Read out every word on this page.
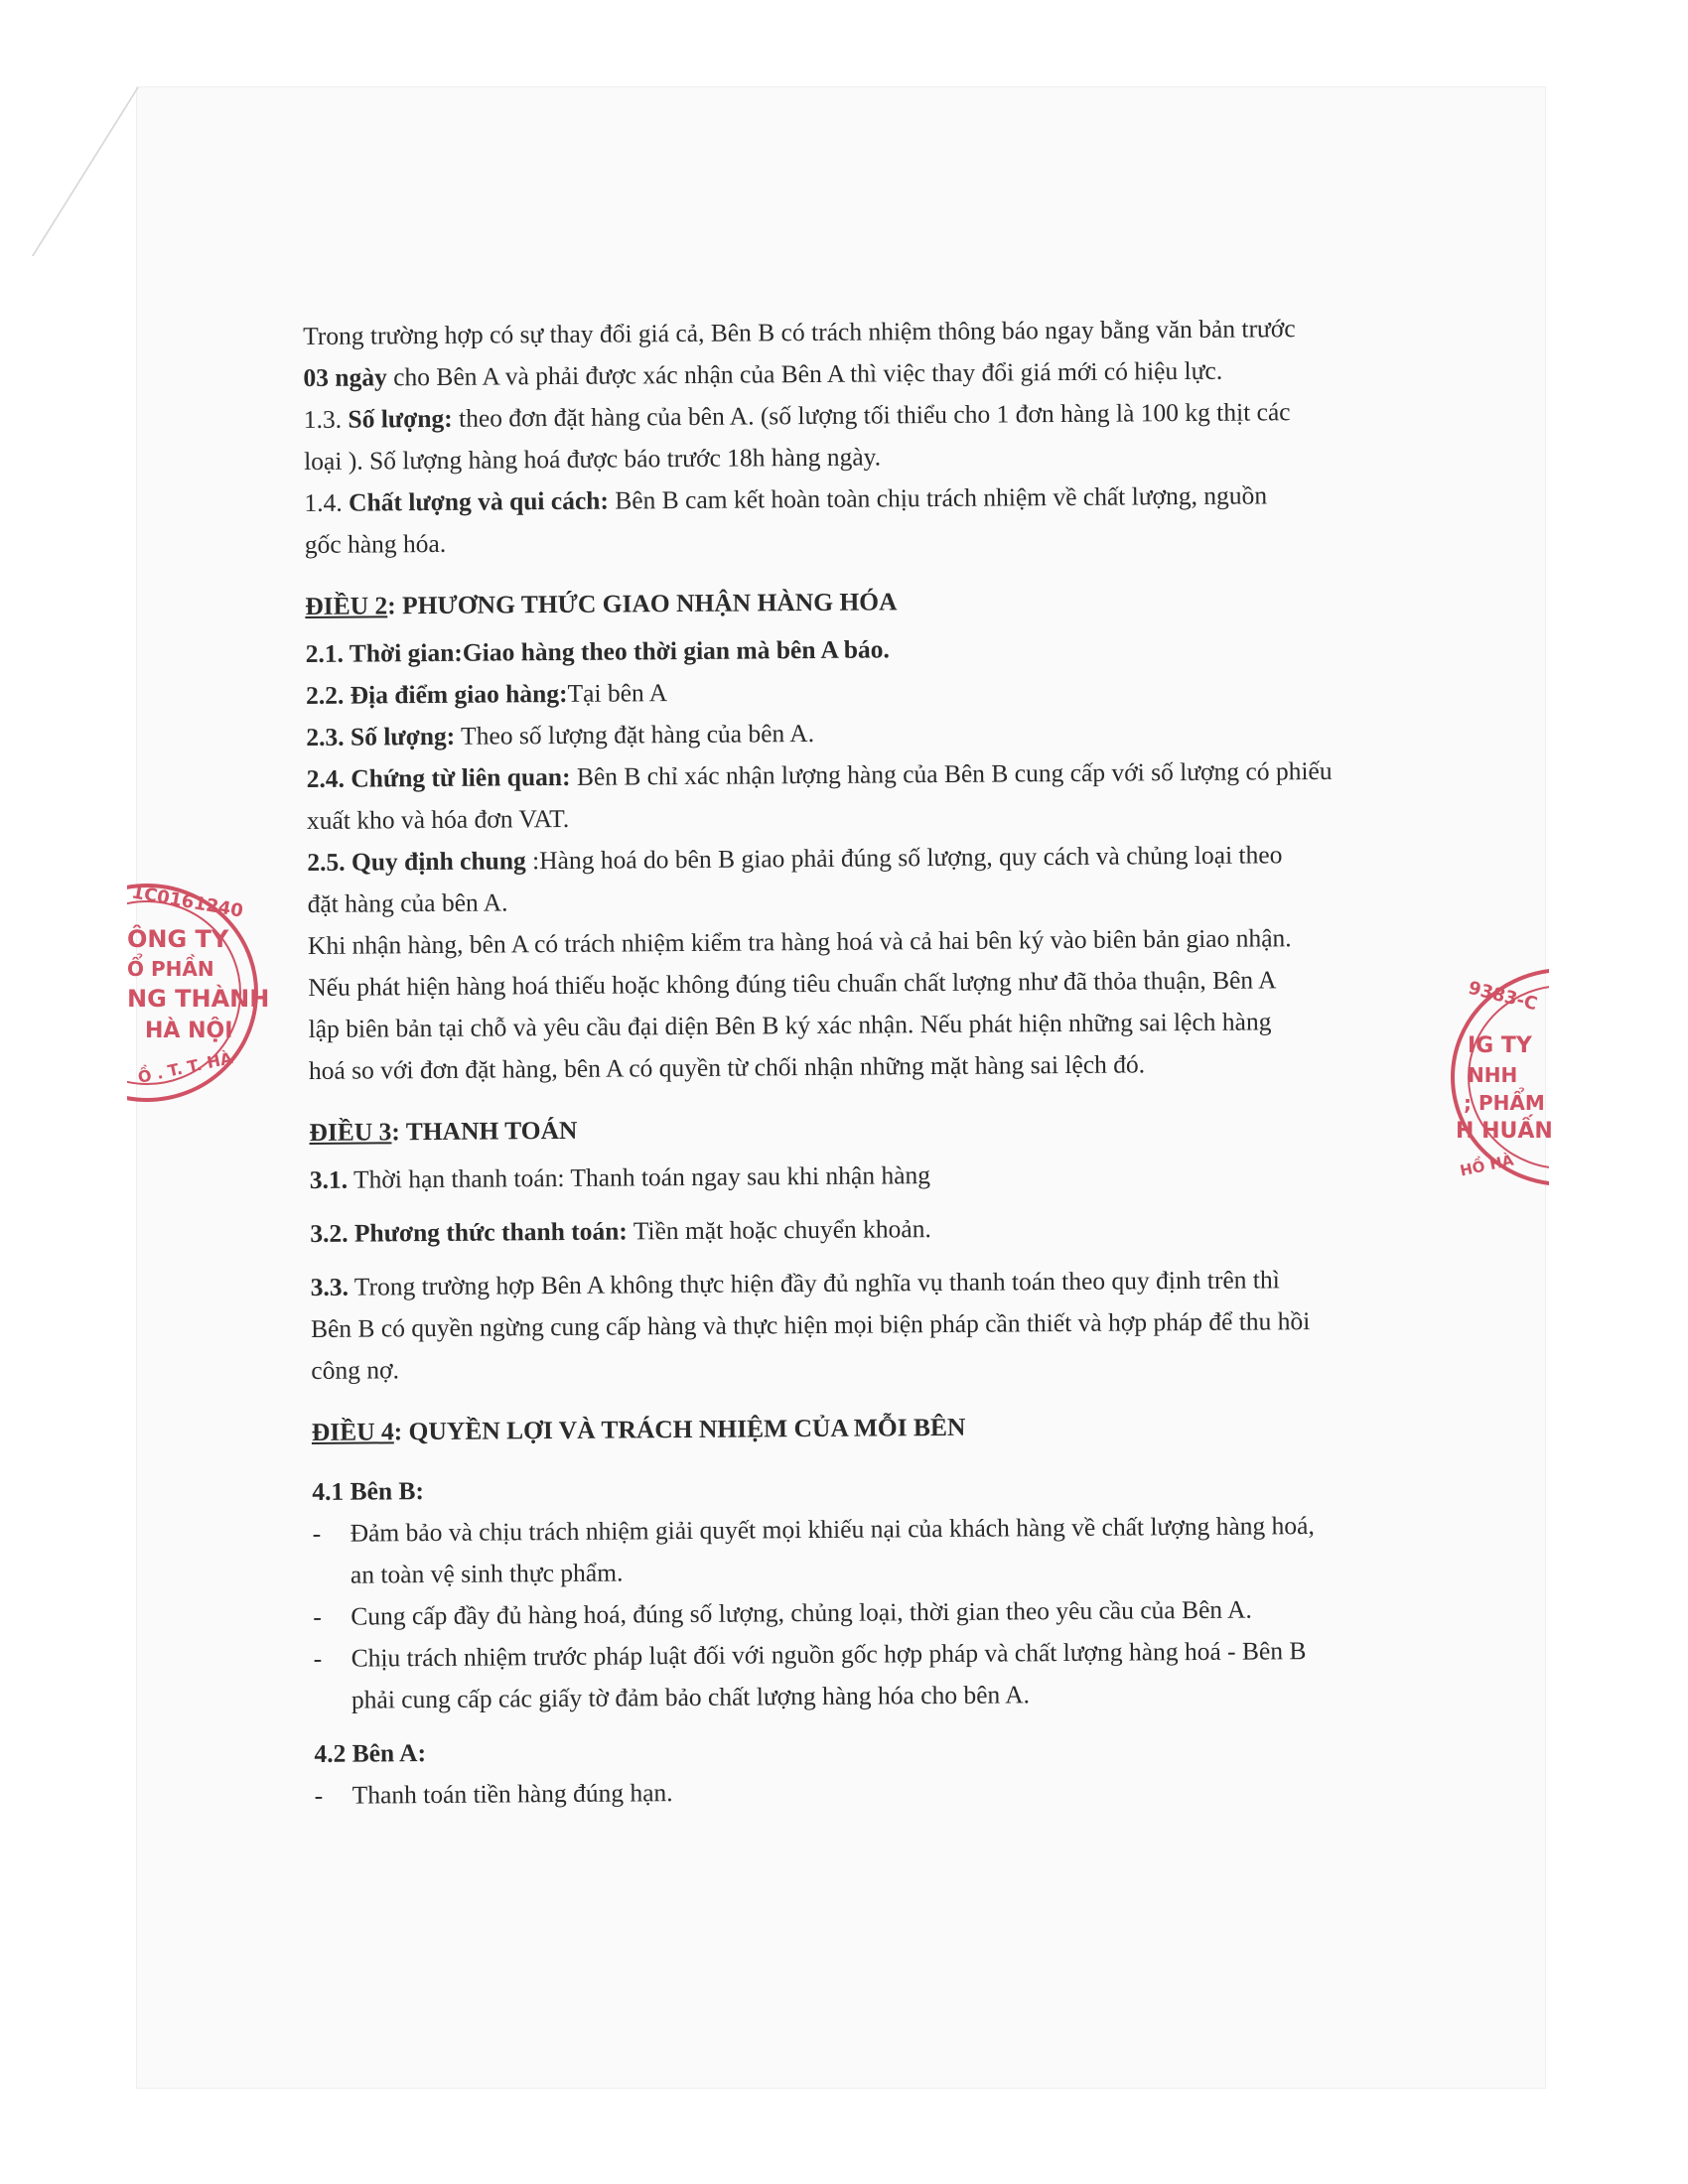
Trong trường hợp có sự thay đổi giá cả, Bên B có trách nhiệm thông báo ngay bằng văn bản trước
03 ngày cho Bên A và phải được xác nhận của Bên A thì việc thay đổi giá mới có hiệu lực.
1.3. Số lượng: theo đơn đặt hàng của bên A. (số lượng tối thiểu cho 1 đơn hàng là 100 kg thịt các
loại ). Số lượng hàng hoá được báo trước 18h hàng ngày.
1.4. Chất lượng và qui cách: Bên B cam kết hoàn toàn chịu trách nhiệm về chất lượng, nguồn
gốc hàng hóa.
ĐIỀU 2: PHƯƠNG THỨC GIAO NHẬN HÀNG HÓA
2.1. Thời gian:Giao hàng theo thời gian mà bên A báo.
2.2. Địa điểm giao hàng:Tại bên A
2.3. Số lượng: Theo số lượng đặt hàng của bên A.
2.4. Chứng từ liên quan: Bên B chỉ xác nhận lượng hàng của Bên B cung cấp với số lượng có phiếu
xuất kho và hóa đơn VAT.
2.5. Quy định chung :Hàng hoá do bên B giao phải đúng số lượng, quy cách và chủng loại theo
đặt hàng của bên A.
Khi nhận hàng, bên A có trách nhiệm kiểm tra hàng hoá và cả hai bên ký vào biên bản giao nhận.
Nếu phát hiện hàng hoá thiếu hoặc không đúng tiêu chuẩn chất lượng như đã thỏa thuận, Bên A
lập biên bản tại chỗ và yêu cầu đại diện Bên B ký xác nhận. Nếu phát hiện những sai lệch hàng
hoá so với đơn đặt hàng, bên A có quyền từ chối nhận những mặt hàng sai lệch đó.
ĐIỀU 3: THANH TOÁN
3.1. Thời hạn thanh toán: Thanh toán ngay sau khi nhận hàng
3.2. Phương thức thanh toán: Tiền mặt hoặc chuyển khoản.
3.3. Trong trường hợp Bên A không thực hiện đầy đủ nghĩa vụ thanh toán theo quy định trên thì
Bên B có quyền ngừng cung cấp hàng và thực hiện mọi biện pháp cần thiết và hợp pháp để thu hồi
công nợ.
ĐIỀU 4: QUYỀN LỢI VÀ TRÁCH NHIỆM CỦA MỖI BÊN
4.1 Bên B:
-	Đảm bảo và chịu trách nhiệm giải quyết mọi khiếu nại của khách hàng về chất lượng hàng hoá,
an toàn vệ sinh thực phẩm.
-	Cung cấp đầy đủ hàng hoá, đúng số lượng, chủng loại, thời gian theo yêu cầu của Bên A.
-	Chịu trách nhiệm trước pháp luật đối với nguồn gốc hợp pháp và chất lượng hàng hoá - Bên B
phải cung cấp các giấy tờ đảm bảo chất lượng hàng hóa cho bên A.
4.2 Bên A:
-	Thanh toán tiền hàng đúng hạn.
1C0161240
ÔNG TY
Ổ PHẦN
NG THÀNH
HÀ NỘI
Ồ . T. T. HÀ
9383-C
IG TY
NHH
; PHẨM
H HUẤN
HỒ HÀ
